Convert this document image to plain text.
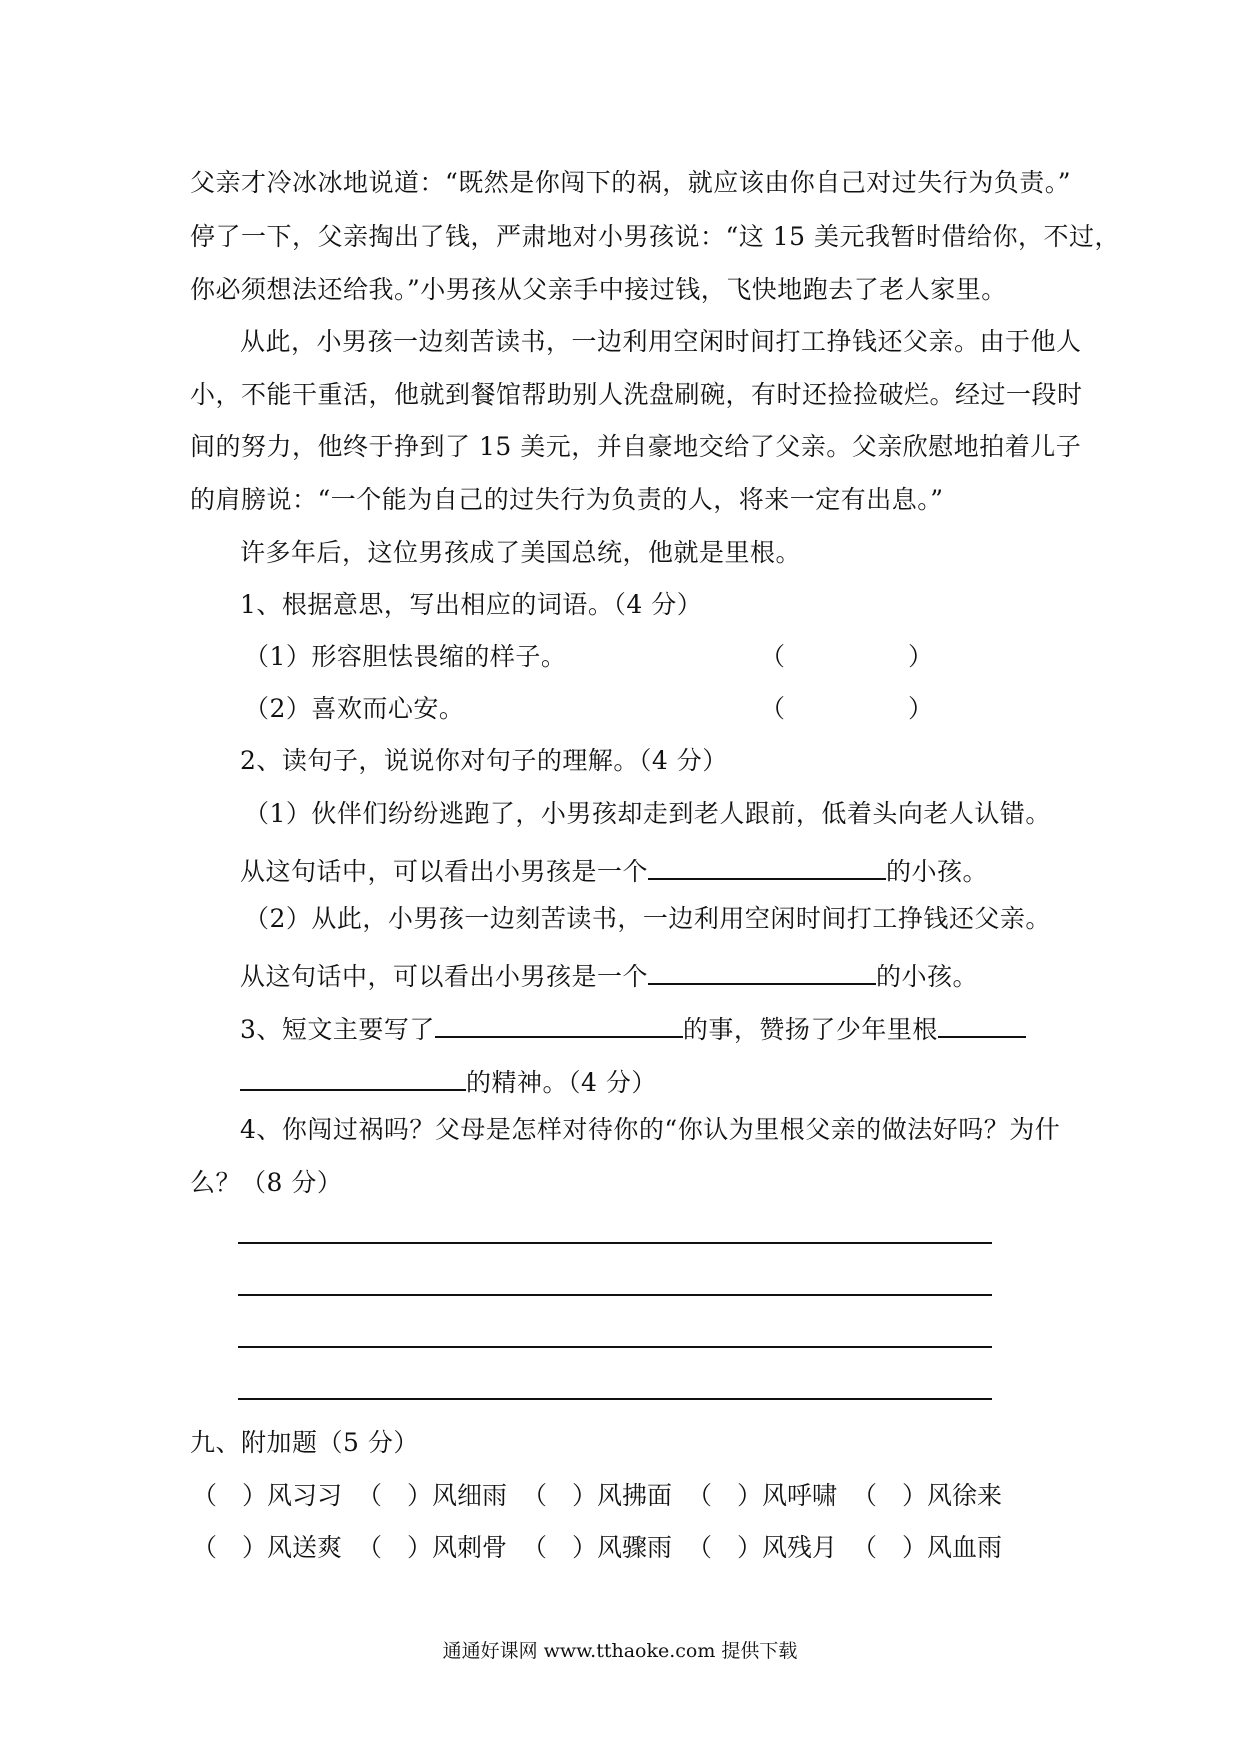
父亲才冷冰冰地说道：“既然是你闯下的祸，就应该由你自己对过失行为负责。”
停了一下，父亲掏出了钱，严肃地对小男孩说：“这 15 美元我暂时借给你，不过，
你必须想法还给我。”小男孩从父亲手中接过钱，飞快地跑去了老人家里。
从此，小男孩一边刻苦读书，一边利用空闲时间打工挣钱还父亲。由于他人
小，不能干重活，他就到餐馆帮助别人洗盘刷碗，有时还捡捡破烂。经过一段时
间的努力，他终于挣到了 15 美元，并自豪地交给了父亲。父亲欣慰地拍着儿子
的肩膀说：“一个能为自己的过失行为负责的人，将来一定有出息。”
许多年后，这位男孩成了美国总统，他就是里根。
1、根据意思，写出相应的词语。（4 分）
（1）形容胆怯畏缩的样子。	（	）
（2）喜欢而心安。	（	）
2、读句子，说说你对句子的理解。（4 分）
（1）伙伴们纷纷逃跑了，小男孩却走到老人跟前，低着头向老人认错。
从这句话中，可以看出小男孩是一个	的小孩。
（2）从此，小男孩一边刻苦读书，一边利用空闲时间打工挣钱还父亲。
从这句话中，可以看出小男孩是一个	的小孩。
3、短文主要写了	的事，赞扬了少年里根
的精神。（4 分）
4、你闯过祸吗？父母是怎样对待你的“你认为里根父亲的做法好吗？为什
么？（8 分）
九、附加题（5 分）
（　）风习习 （　）风细雨 （　）风拂面 （　）风呼啸 （　）风徐来
（　）风送爽 （　）风刺骨 （　）风骤雨 （　）风残月 （　）风血雨
通通好课网 www.tthaoke.com 提供下载
